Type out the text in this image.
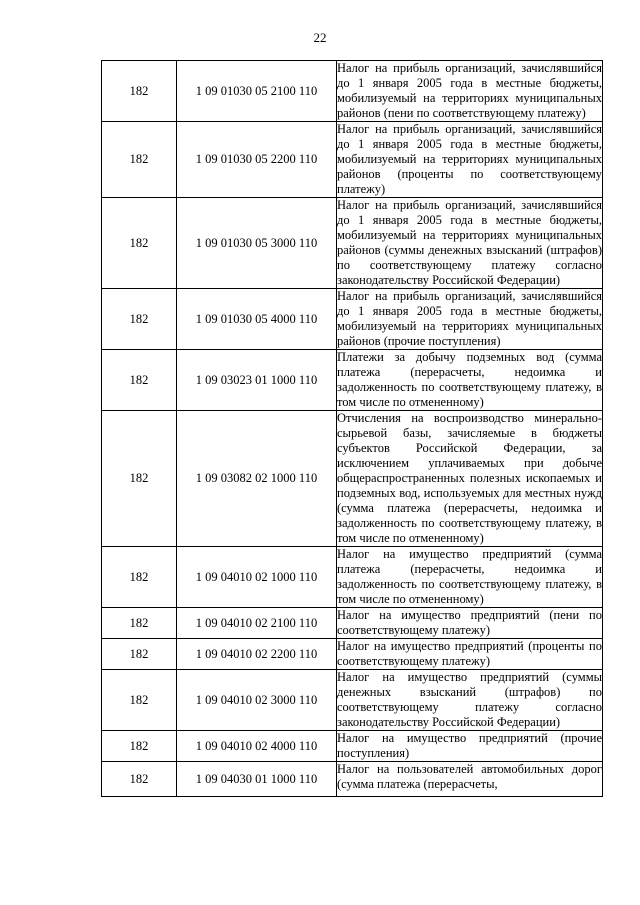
22
182	1 09 01030 05 2100 110	Налог на прибыль организаций, зачислявшийся до 1 января 2005 года в местные бюджеты, мобилизуемый на территориях муниципальных районов (пени по соответствующему платежу)
182	1 09 01030 05 2200 110	Налог на прибыль организаций, зачислявшийся до 1 января 2005 года в местные бюджеты, мобилизуемый на территориях муниципальных районов (проценты по соответствующему платежу)
182	1 09 01030 05 3000 110	Налог на прибыль организаций, зачислявшийся до 1 января 2005 года в местные бюджеты, мобилизуемый на территориях муниципальных районов (суммы денежных взысканий (штрафов) по соответствующему платежу согласно законодательству Российской Федерации)
182	1 09 01030 05 4000 110	Налог на прибыль организаций, зачислявшийся до 1 января 2005 года в местные бюджеты, мобилизуемый на территориях муниципальных районов (прочие поступления)
182	1 09 03023 01 1000 110	Платежи за добычу подземных вод (сумма платежа (перерасчеты, недоимка и задолженность по соответствующему платежу, в том числе по отмененному)
182	1 09 03082 02 1000 110	Отчисления на воспроизводство минерально-сырьевой базы, зачисляемые в бюджеты субъектов Российской Федерации, за исключением уплачиваемых при добыче общераспространенных полезных ископаемых и подземных вод, используемых для местных нужд (сумма платежа (перерасчеты, недоимка и задолженность по соответствующему платежу, в том числе по отмененному)
182	1 09 04010 02 1000 110	Налог на имущество предприятий (сумма платежа (перерасчеты, недоимка и задолженность по соответствующему платежу, в том числе по отмененному)
182	1 09 04010 02 2100 110	Налог на имущество предприятий (пени по соответствующему платежу)
182	1 09 04010 02 2200 110	Налог на имущество предприятий (проценты по соответствующему платежу)
182	1 09 04010 02 3000 110	Налог на имущество предприятий (суммы денежных взысканий (штрафов) по соответствующему платежу согласно законодательству Российской Федерации)
182	1 09 04010 02 4000 110	Налог на имущество предприятий (прочие поступления)
182	1 09 04030 01 1000 110	Налог на пользователей автомобильных дорог (сумма платежа (перерасчеты,
